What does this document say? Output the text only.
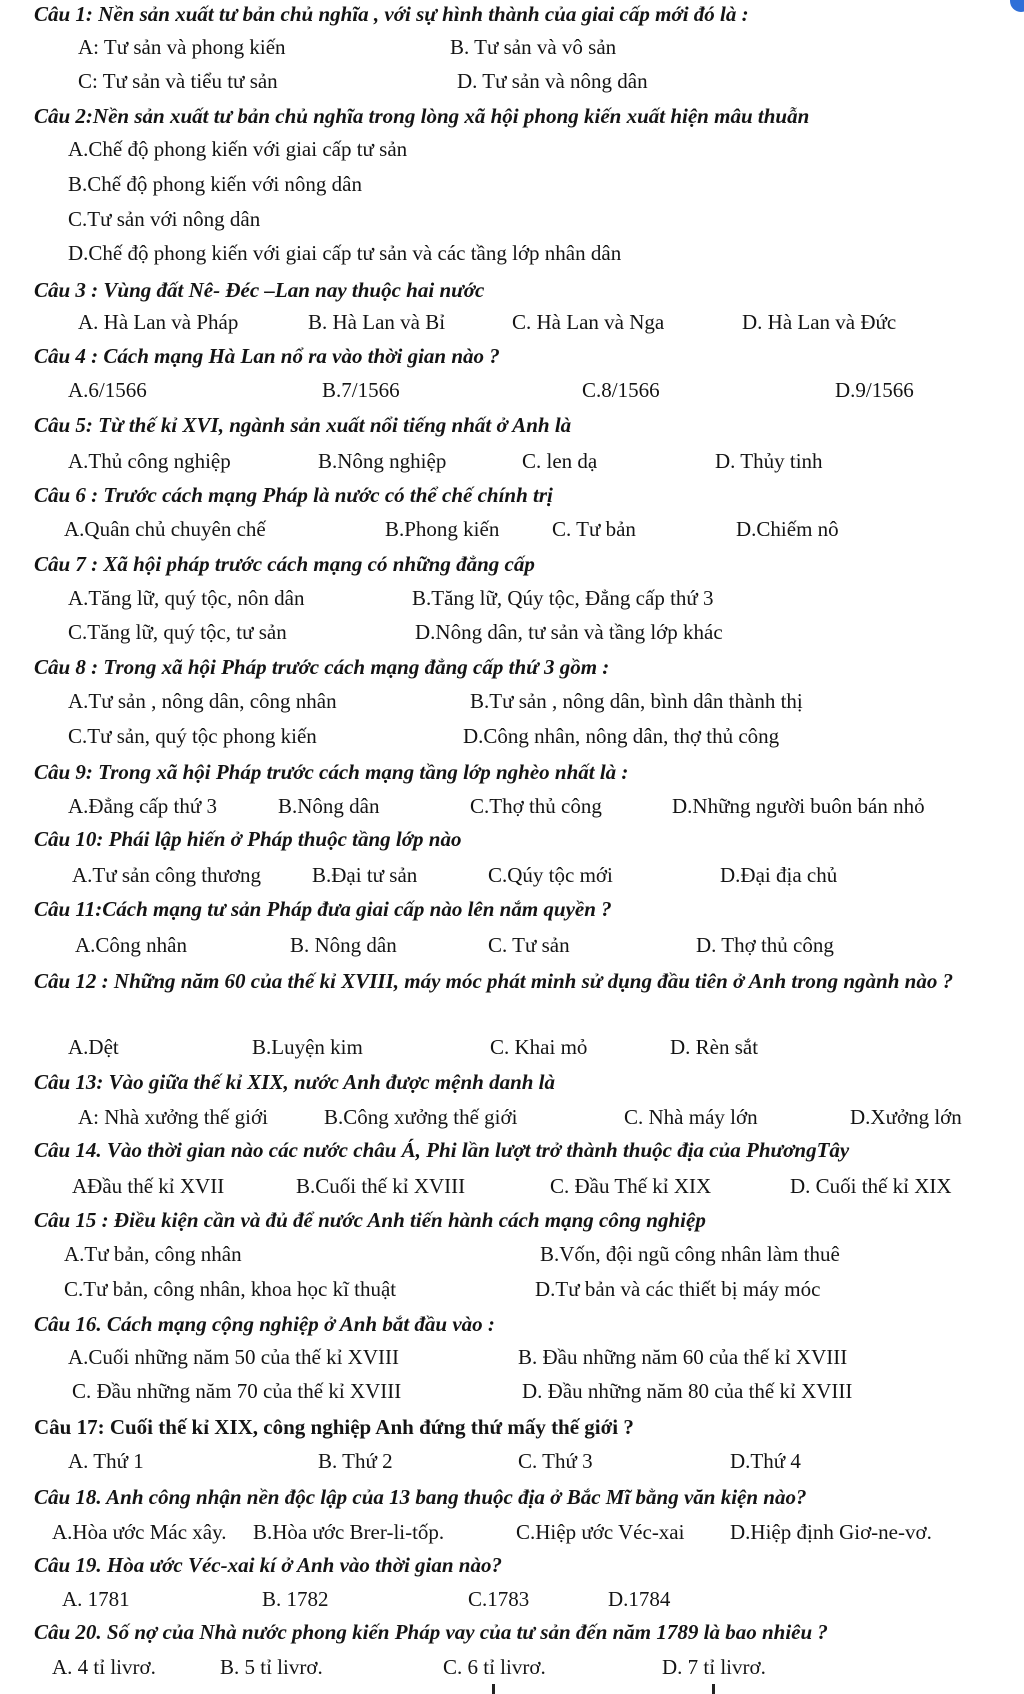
Câu 1: Nền sản xuất tư bản chủ nghĩa , với sự hình thành của giai cấp mới đó là :
A: Tư sản và phong kiến	B. Tư sản và vô sản
C: Tư sản và tiểu tư sản	D. Tư sản và nông dân
Câu 2:Nền sản xuất tư bản chủ nghĩa trong lòng xã hội phong kiến xuất hiện mâu thuẫn
A.Chế độ phong kiến với giai cấp tư sản
B.Chế độ phong kiến với nông dân
C.Tư sản với nông dân
D.Chế độ phong kiến với giai cấp tư sản và các tầng lớp nhân dân
Câu 3 : Vùng đất Nê- Đéc –Lan nay thuộc hai nước
A. Hà Lan và Pháp	B. Hà Lan và Bỉ	C. Hà Lan và Nga	D. Hà Lan và Đức
Câu 4 : Cách mạng Hà Lan nổ ra vào thời gian nào ?
A.6/1566	B.7/1566	C.8/1566	D.9/1566
Câu 5: Từ thế kỉ XVI, ngành sản xuất nổi tiếng nhất ở Anh là
A.Thủ công nghiệp	B.Nông nghiệp	C. len dạ	D. Thủy tinh
Câu 6 : Trước cách mạng Pháp là nước có thể chế chính trị
A.Quân chủ chuyên chế	B.Phong kiến	C. Tư bản	D.Chiếm nô
Câu 7 : Xã hội pháp trước cách mạng có những đẳng cấp
A.Tăng lữ, quý tộc, nôn dân	B.Tăng lữ, Qúy tộc, Đẳng cấp thứ 3
C.Tăng lữ, quý tộc, tư sản	D.Nông dân, tư sản và tầng lớp khác
Câu 8 : Trong xã hội Pháp trước cách mạng đẳng cấp thứ 3 gồm :
A.Tư sản , nông dân, công nhân	B.Tư sản , nông dân, bình dân thành thị
C.Tư sản, quý tộc phong kiến	D.Công nhân, nông dân, thợ thủ công
Câu 9: Trong xã hội Pháp trước cách mạng tầng lớp nghèo nhất là :
A.Đẳng cấp thứ 3	B.Nông dân	C.Thợ thủ công	D.Những người buôn bán nhỏ
Câu 10: Phái lập hiến ở Pháp thuộc tầng lớp nào
A.Tư sản công thương B.Đại tư sản	C.Qúy tộc mới	D.Đại địa chủ
Câu 11:Cách mạng tư sản Pháp đưa giai cấp nào lên nắm quyền ?
A.Công nhân	B. Nông dân	C. Tư sản	D. Thợ thủ công
Câu 12 : Những năm 60 của thế kỉ XVIII, máy móc phát minh sử dụng đầu tiên ở Anh trong ngành nào ?
A.Dệt	B.Luyện kim	C. Khai mỏ	D. Rèn sắt
Câu 13: Vào giữa thế kỉ XIX, nước Anh được mệnh danh là
A: Nhà xưởng thế giới	B.Công xưởng thế giới	C. Nhà máy lớn	D.Xưởng lớn
Câu 14. Vào thời gian nào các nước châu Á, Phi lần lượt trở thành thuộc địa của PhươngTây
AĐầu thế kỉ XVII	B.Cuối thế kỉ XVIII	C. Đầu Thế kỉ XIX	D. Cuối thế kỉ XIX
Câu 15 : Điều kiện cần và đủ để nước Anh tiến hành cách mạng công nghiệp
A.Tư bản, công nhân	B.Vốn, đội ngũ công nhân làm thuê
C.Tư bản, công nhân, khoa học kĩ thuật	D.Tư bản và các thiết bị máy móc
Câu 16. Cách mạng cộng nghiệp ở Anh bắt đầu vào :
A.Cuối những năm 50 của thế kỉ XVIII	B. Đầu những năm 60 của thế kỉ XVIII
C. Đầu những năm 70 của thế kỉ XVIII	D. Đầu những năm 80 của thế kỉ XVIII
Câu 17: Cuối thế kỉ XIX, công nghiệp Anh đứng thứ mấy thế giới ?
A. Thứ 1	B. Thứ 2	C. Thứ 3	D.Thứ 4
Câu 18. Anh công nhận nền độc lập của 13 bang thuộc địa ở Bắc Mĩ bằng văn kiện nào?
A.Hòa ước Mác xây. B.Hòa ước Brer-li-tốp.	C.Hiệp ước Véc-xai D.Hiệp định Giơ-ne-vơ.
Câu 19. Hòa ước Véc-xai kí ở Anh vào thời gian nào?
A. 1781	B. 1782	C.1783	D.1784
Câu 20. Số nợ của Nhà nước phong kiến Pháp vay của tư sản đến năm 1789 là bao nhiêu ?
A. 4 tỉ livrơ.	B. 5 tỉ livrơ.	C. 6 tỉ livrơ.	D. 7 tỉ livrơ.
